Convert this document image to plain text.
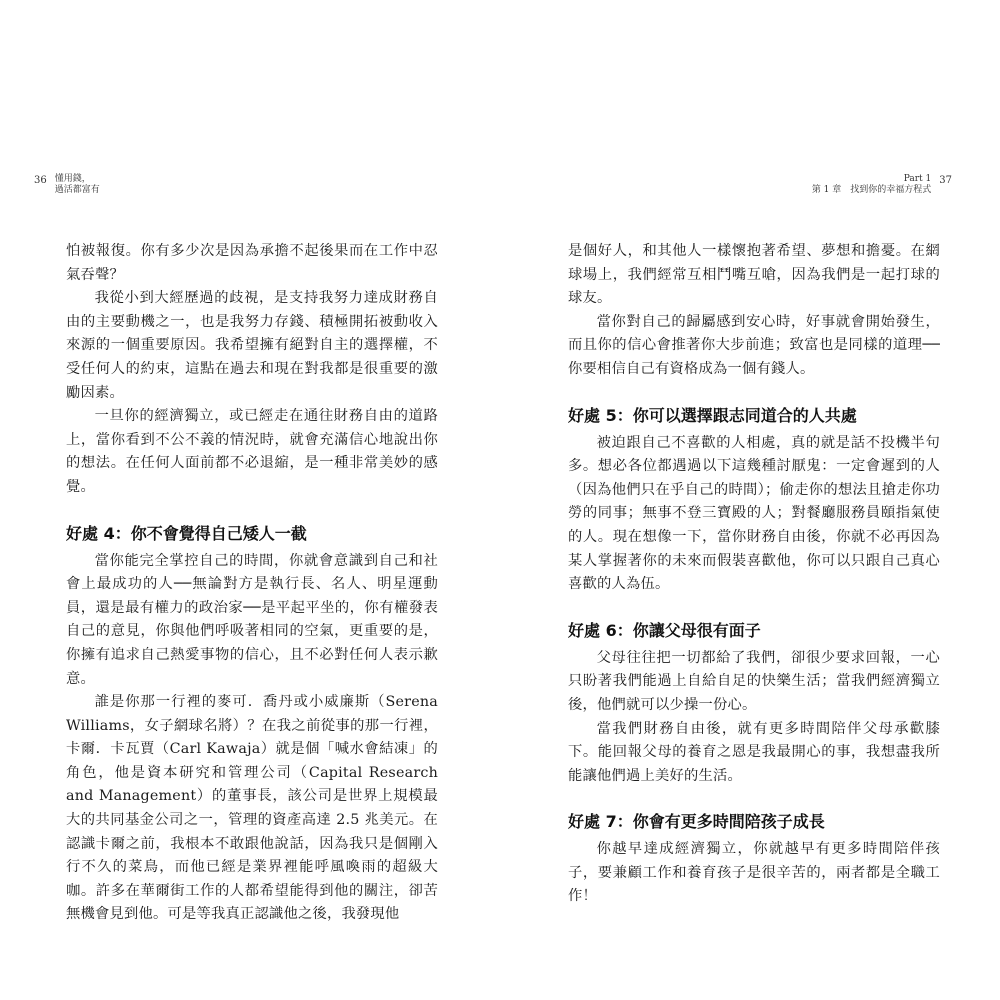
36 懂用錢，
過活都富有

怕被報復。你有多少次是因為承擔不起後果而在工作中忍氣吞聲？

我從小到大經歷過的歧視，是支持我努力達成財務自由的主要動機之一，也是我努力存錢、積極開拓被動收入來源的一個重要原因。我希望擁有絕對自主的選擇權，不受任何人的約束，這點在過去和現在對我都是很重要的激勵因素。

一旦你的經濟獨立，或已經走在通往財務自由的道路上，當你看到不公不義的情況時，就會充滿信心地說出你的想法。在任何人面前都不必退縮，是一種非常美妙的感覺。

好處 4：你不會覺得自己矮人一截

當你能完全掌控自己的時間，你就會意識到自己和社會上最成功的人──無論對方是執行長、名人、明星運動員，還是最有權力的政治家──是平起平坐的，你有權發表自己的意見，你與他們呼吸著相同的空氣，更重要的是，你擁有追求自己熱愛事物的信心，且不必對任何人表示歉意。

誰是你那一行裡的麥可．喬丹或小威廉斯（Serena Williams，女子網球名將）？在我之前從事的那一行裡，卡爾．卡瓦賈（Carl Kawaja）就是個「喊水會結凍」的角色，他是資本研究和管理公司（Capital Research and Management）的董事長，該公司是世界上規模最大的共同基金公司之一，管理的資產高達 2.5 兆美元。在認識卡爾之前，我根本不敢跟他說話，因為我只是個剛入行不久的菜鳥，而他已經是業界裡能呼風喚雨的超級大咖。許多在華爾街工作的人都希望能得到他的關注，卻苦無機會見到他。可是等我真正認識他之後，我發現他

Part 1
第 1 章　找到你的幸福方程式
37

是個好人，和其他人一樣懷抱著希望、夢想和擔憂。在網球場上，我們經常互相鬥嘴互嗆，因為我們是一起打球的球友。

當你對自己的歸屬感到安心時，好事就會開始發生，而且你的信心會推著你大步前進；致富也是同樣的道理──你要相信自己有資格成為一個有錢人。

好處 5：你可以選擇跟志同道合的人共處

被迫跟自己不喜歡的人相處，真的就是話不投機半句多。想必各位都遇過以下這幾種討厭鬼：一定會遲到的人（因為他們只在乎自己的時間）；偷走你的想法且搶走你功勞的同事；無事不登三寶殿的人；對餐廳服務員頤指氣使的人。現在想像一下，當你財務自由後，你就不必再因為某人掌握著你的未來而假裝喜歡他，你可以只跟自己真心喜歡的人為伍。

好處 6：你讓父母很有面子

父母往往把一切都給了我們，卻很少要求回報，一心只盼著我們能過上自給自足的快樂生活；當我們經濟獨立後，他們就可以少操一份心。

當我們財務自由後，就有更多時間陪伴父母承歡膝下。能回報父母的養育之恩是我最開心的事，我想盡我所能讓他們過上美好的生活。

好處 7：你會有更多時間陪孩子成長

你越早達成經濟獨立，你就越早有更多時間陪伴孩子，要兼顧工作和養育孩子是很辛苦的，兩者都是全職工作！
